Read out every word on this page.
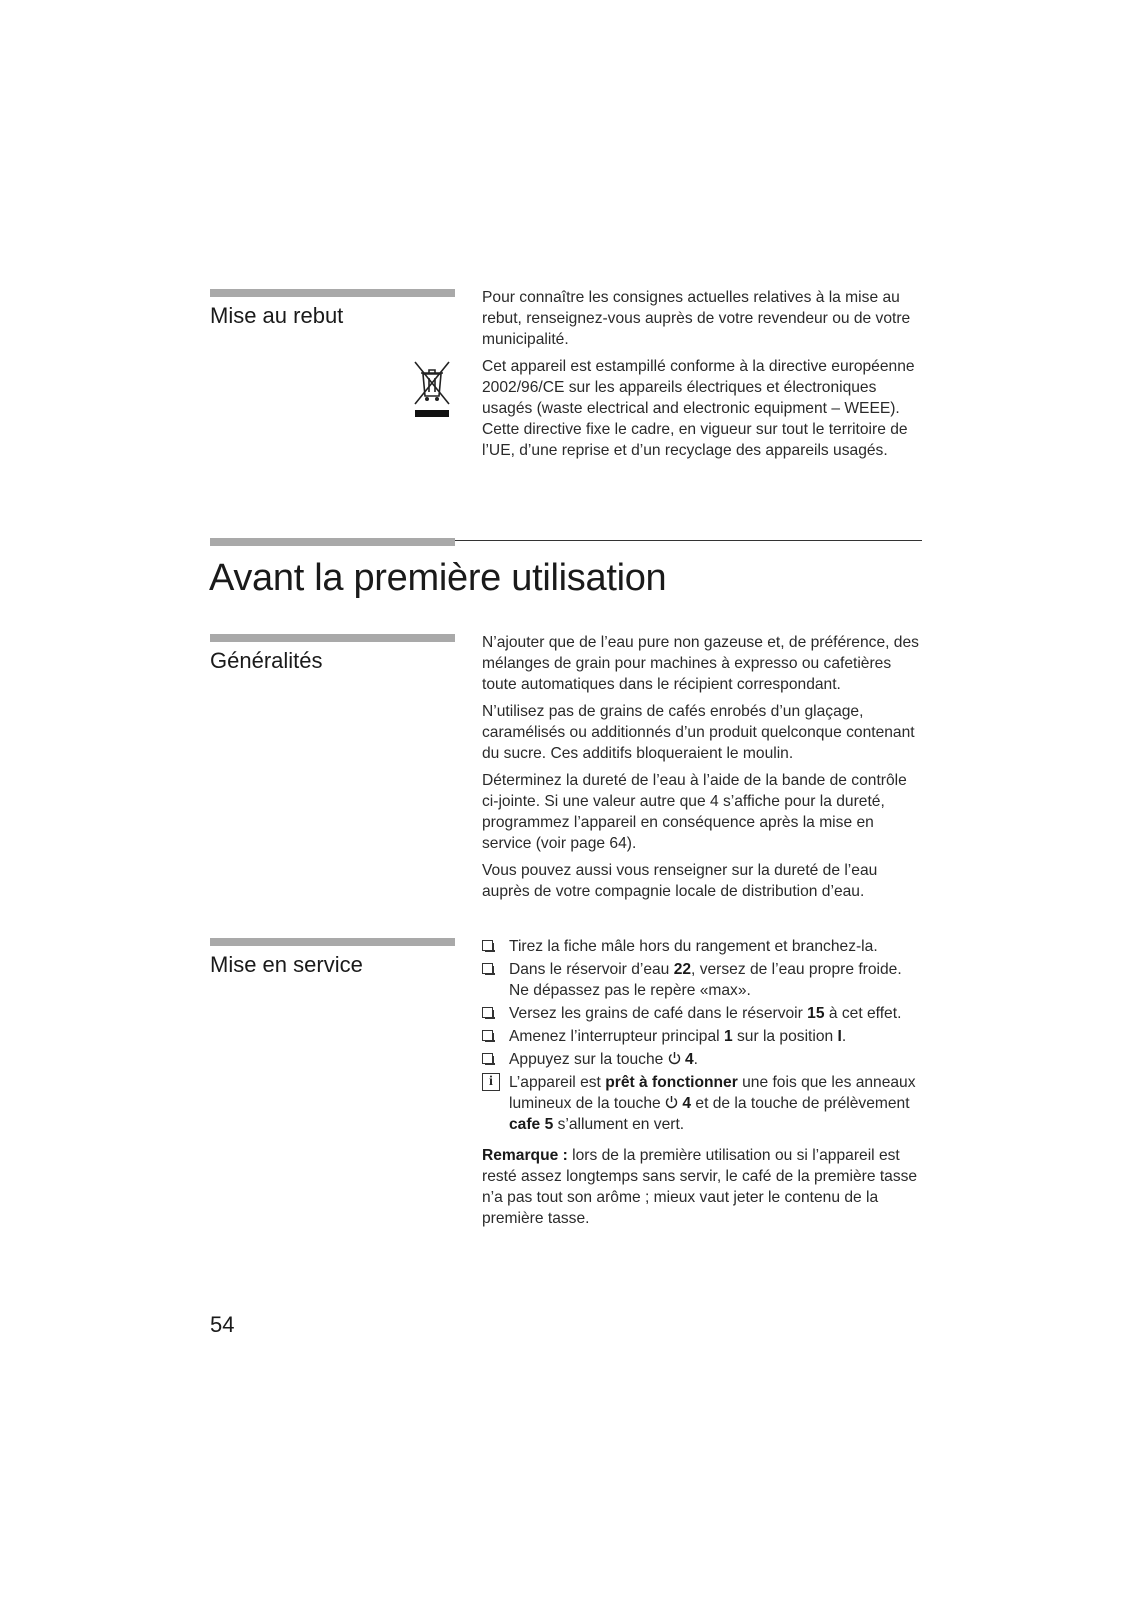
Mise au rebut

Pour connaître les consignes actuelles relatives à la mise au rebut, renseignez-vous auprès de votre revendeur ou de votre municipalité.

Cet appareil est estampillé conforme à la directive européenne 2002/96/CE sur les appareils électriques et électroniques usagés (waste electrical and electronic equipment – WEEE). Cette directive fixe le cadre, en vigueur sur tout le territoire de l’UE, d’une reprise et d’un recyclage des appareils usagés.

Avant la première utilisation
Généralités

N’ajouter que de l’eau pure non gazeuse et, de préférence, des mélanges de grain pour machines à expresso ou cafetières toute automatiques dans le récipient correspondant.

N’utilisez pas de grains de cafés enrobés d’un glaçage, caramélisés ou additionnés d’un produit quelconque contenant du sucre. Ces additifs bloqueraient le moulin.

Déterminez la dureté de l’eau à l’aide de la bande de contrôle ci-jointe. Si une valeur autre que 4 s’affiche pour la dureté, programmez l’appareil en conséquence après la mise en service (voir page 64).

Vous pouvez aussi vous renseigner sur la dureté de l’eau auprès de votre compagnie locale de distribution d’eau.

Mise en service
Tirez la fiche mâle hors du rangement et branchez-la.
Dans le réservoir d’eau 22, versez de l’eau propre froide. Ne dépassez pas le repère «max».
Versez les grains de café dans le réservoir 15 à cet effet.
Amenez l’interrupteur principal 1 sur la position I.
Appuyez sur la touche  4.
i	L’appareil est prêt à fonctionner une fois que les anneaux lumineux de la touche  4 et de la touche de prélèvement cafe 5 s’allument en vert.

Remarque : lors de la première utilisation ou si l’appareil est resté assez longtemps sans servir, le café de la première tasse n’a pas tout son arôme ; mieux vaut jeter le contenu de la première tasse.

54
